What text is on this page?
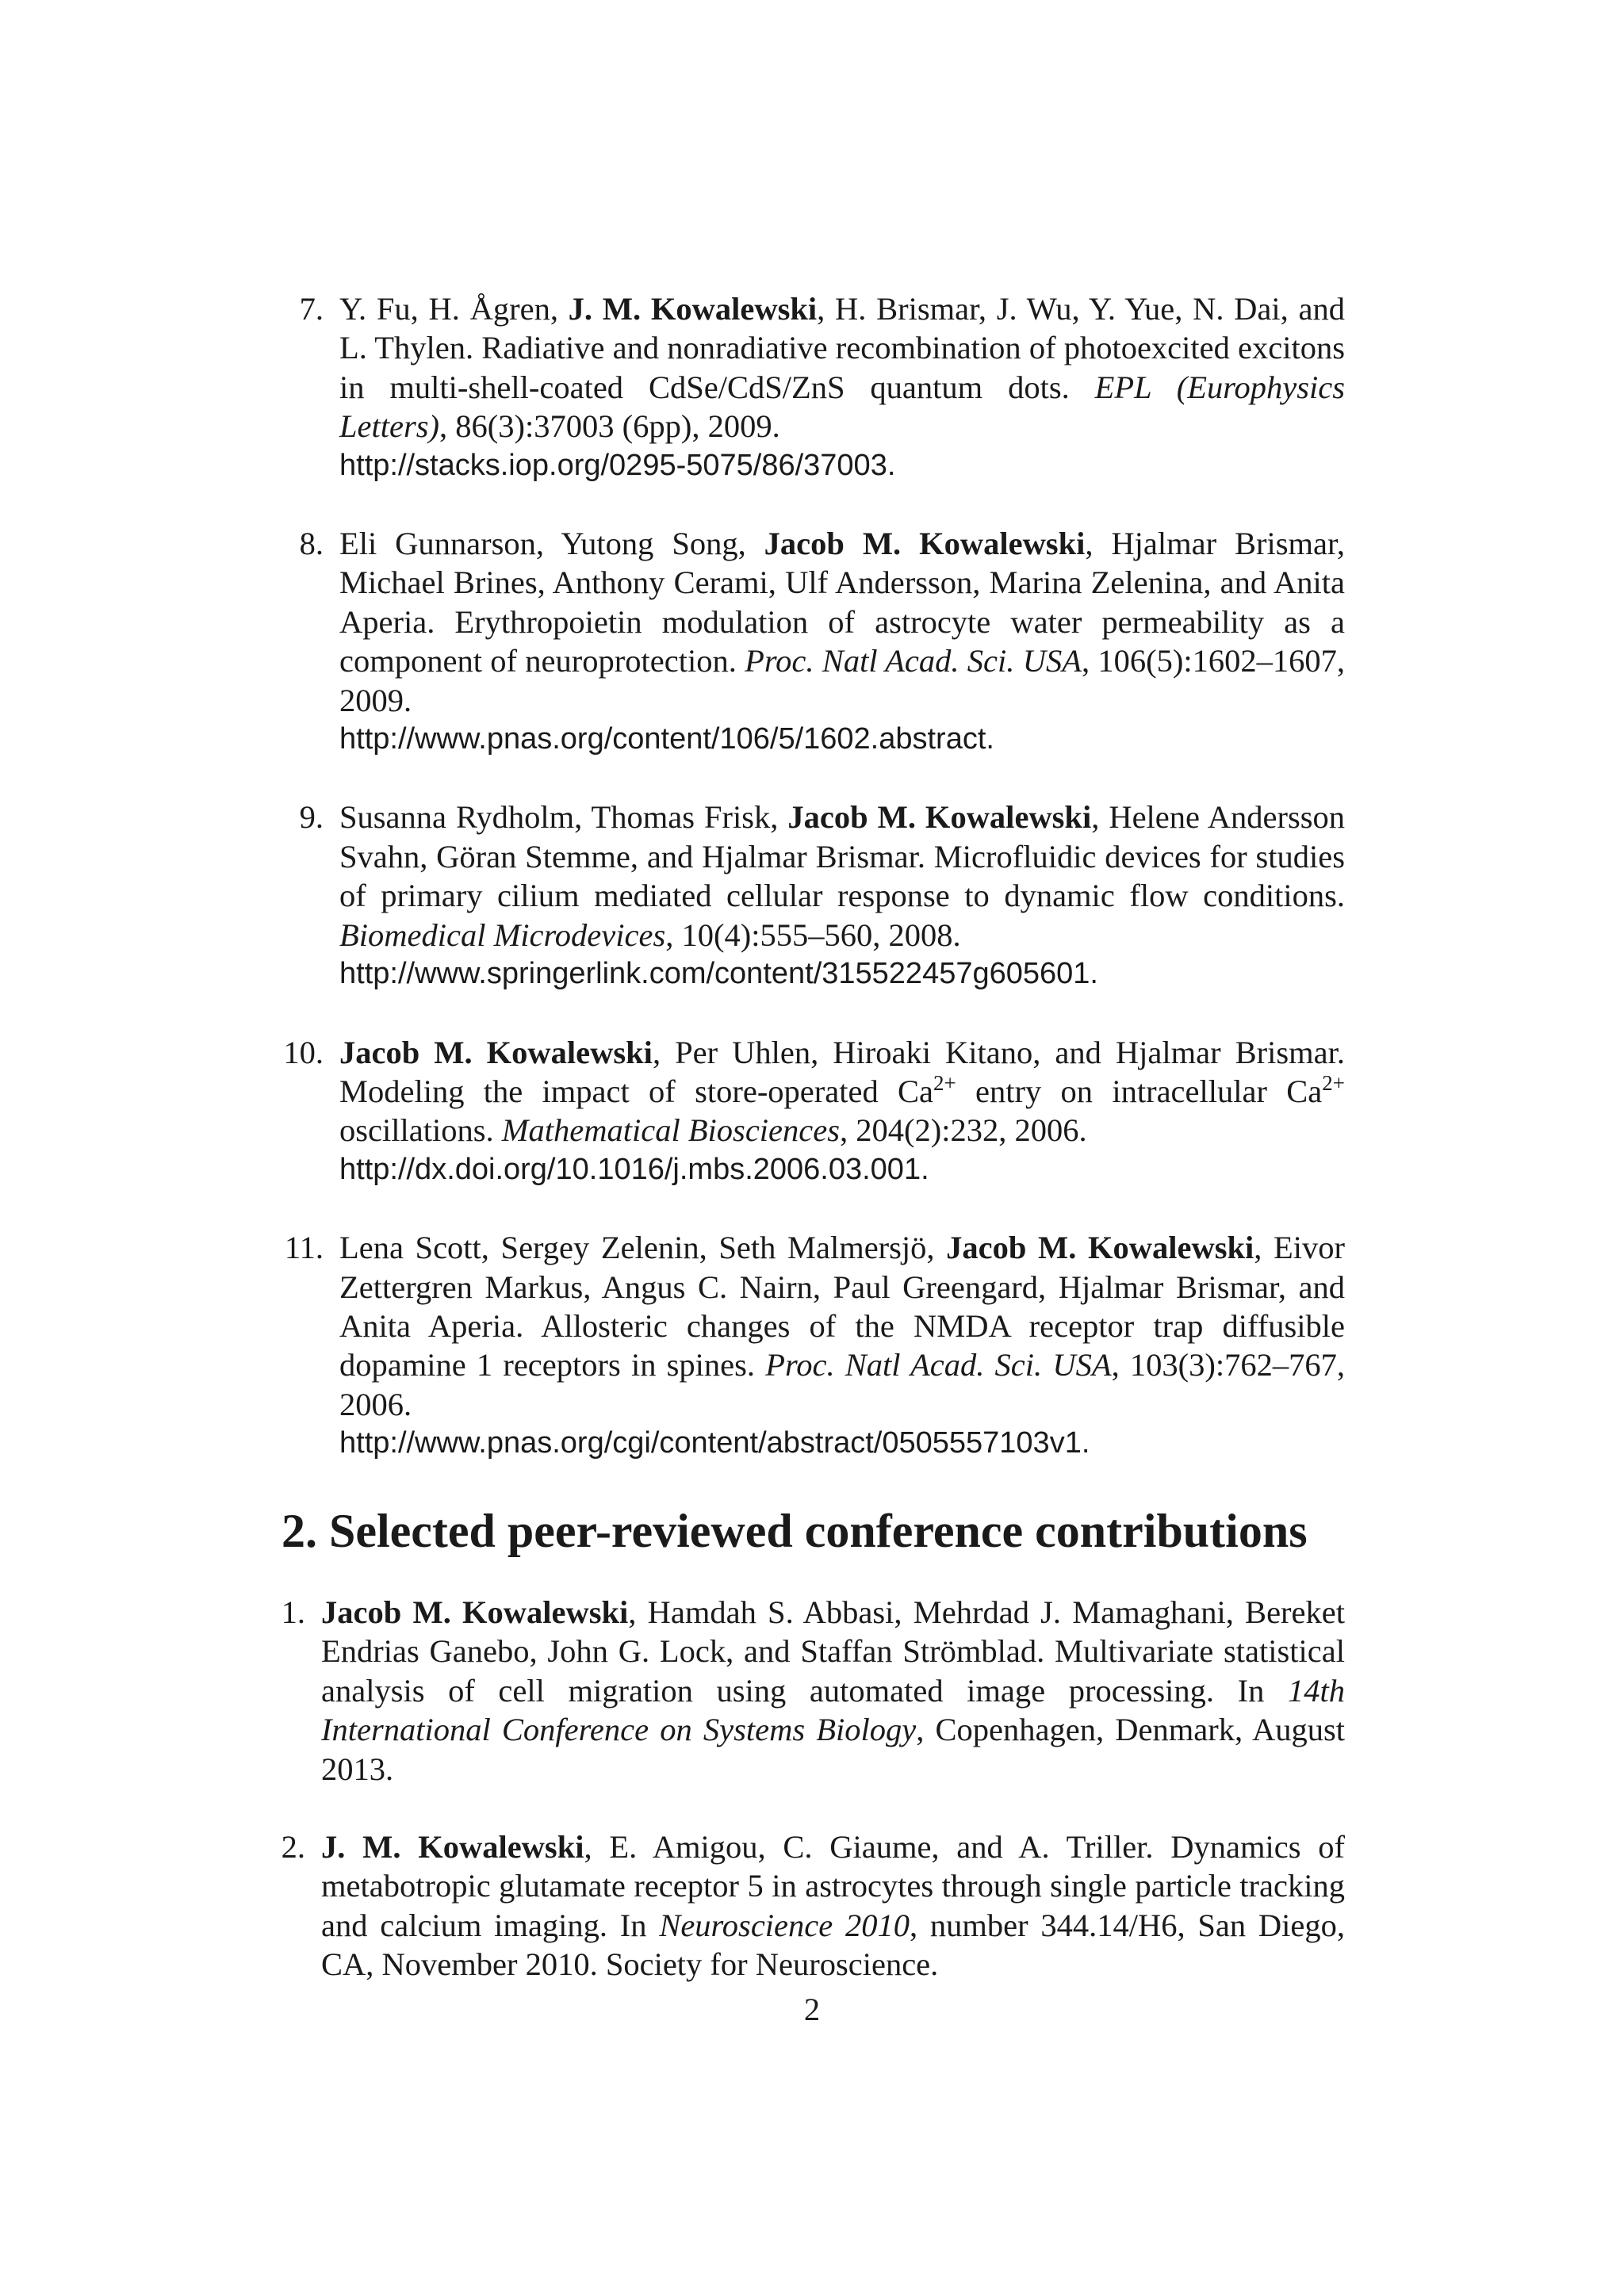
7. Y. Fu, H. Ågren, J. M. Kowalewski, H. Brismar, J. Wu, Y. Yue, N. Dai, and L. Thylen. Radiative and nonradiative recombination of photoexcited excitons in multi-shell-coated CdSe/CdS/ZnS quantum dots. EPL (Europhysics Letters), 86(3):37003 (6pp), 2009.
http://stacks.iop.org/0295-5075/86/37003.
8. Eli Gunnarson, Yutong Song, Jacob M. Kowalewski, Hjalmar Brismar, Michael Brines, Anthony Cerami, Ulf Andersson, Marina Zelenina, and Anita Aperia. Erythropoietin modulation of astrocyte water permeability as a component of neuroprotection. Proc. Natl Acad. Sci. USA, 106(5):1602–1607, 2009.
http://www.pnas.org/content/106/5/1602.abstract.
9. Susanna Rydholm, Thomas Frisk, Jacob M. Kowalewski, Helene Andersson Svahn, Göran Stemme, and Hjalmar Brismar. Microfluidic devices for studies of primary cilium mediated cellular response to dynamic flow conditions. Biomedical Microdevices, 10(4):555–560, 2008.
http://www.springerlink.com/content/315522457g605601.
10. Jacob M. Kowalewski, Per Uhlen, Hiroaki Kitano, and Hjalmar Brismar. Modeling the impact of store-operated $Ca^{2+}$ entry on intracellular $Ca^{2+}$ oscillations. Mathematical Biosciences, 204(2):232, 2006.
http://dx.doi.org/10.1016/j.mbs.2006.03.001.
11. Lena Scott, Sergey Zelenin, Seth Malmersjö, Jacob M. Kowalewski, Eivor Zettergren Markus, Angus C. Nairn, Paul Greengard, Hjalmar Brismar, and Anita Aperia. Allosteric changes of the NMDA receptor trap diffusible dopamine 1 receptors in spines. Proc. Natl Acad. Sci. USA, 103(3):762–767, 2006.
http://www.pnas.org/cgi/content/abstract/0505557103v1.
2. Selected peer-reviewed conference contributions
1. Jacob M. Kowalewski, Hamdah S. Abbasi, Mehrdad J. Mamaghani, Bereket Endrias Ganebo, John G. Lock, and Staffan Strömblad. Multivariate statistical analysis of cell migration using automated image processing. In 14th International Conference on Systems Biology, Copenhagen, Denmark, August 2013.
2. J. M. Kowalewski, E. Amigou, C. Giaume, and A. Triller. Dynamics of metabotropic glutamate receptor 5 in astrocytes through single particle tracking and calcium imaging. In Neuroscience 2010, number 344.14/H6, San Diego, CA, November 2010. Society for Neuroscience.
2
